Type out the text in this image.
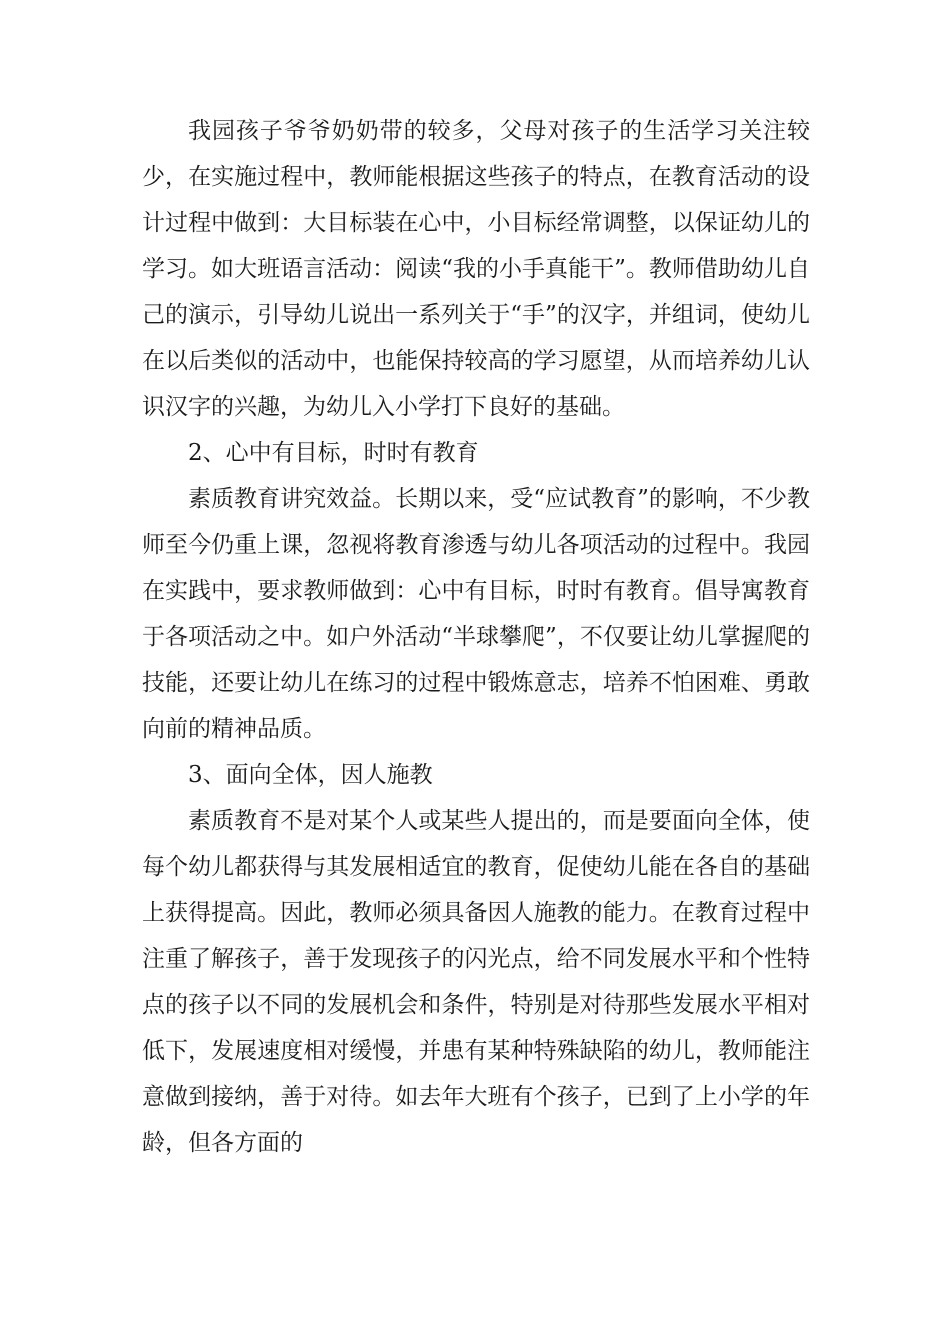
我园孩子爷爷奶奶带的较多，父母对孩子的生活学习关注较少，在实施过程中，教师能根据这些孩子的特点，在教育活动的设计过程中做到：大目标装在心中，小目标经常调整，以保证幼儿的学习。如大班语言活动：阅读“我的小手真能干”。教师借助幼儿自己的演示，引导幼儿说出一系列关于“手”的汉字，并组词，使幼儿在以后类似的活动中，也能保持较高的学习愿望，从而培养幼儿认识汉字的兴趣，为幼儿入小学打下良好的基础。

2、心中有目标，时时有教育

素质教育讲究效益。长期以来，受“应试教育”的影响，不少教师至今仍重上课，忽视将教育渗透与幼儿各项活动的过程中。我园在实践中，要求教师做到：心中有目标，时时有教育。倡导寓教育于各项活动之中。如户外活动“半球攀爬”，不仅要让幼儿掌握爬的技能，还要让幼儿在练习的过程中锻炼意志，培养不怕困难、勇敢向前的精神品质。

3、面向全体，因人施教

素质教育不是对某个人或某些人提出的，而是要面向全体，使每个幼儿都获得与其发展相适宜的教育，促使幼儿能在各自的基础上获得提高。因此，教师必须具备因人施教的能力。在教育过程中注重了解孩子，善于发现孩子的闪光点，给不同发展水平和个性特点的孩子以不同的发展机会和条件，特别是对待那些发展水平相对低下，发展速度相对缓慢，并患有某种特殊缺陷的幼儿，教师能注意做到接纳，善于对待。如去年大班有个孩子，已到了上小学的年龄，但各方面的
